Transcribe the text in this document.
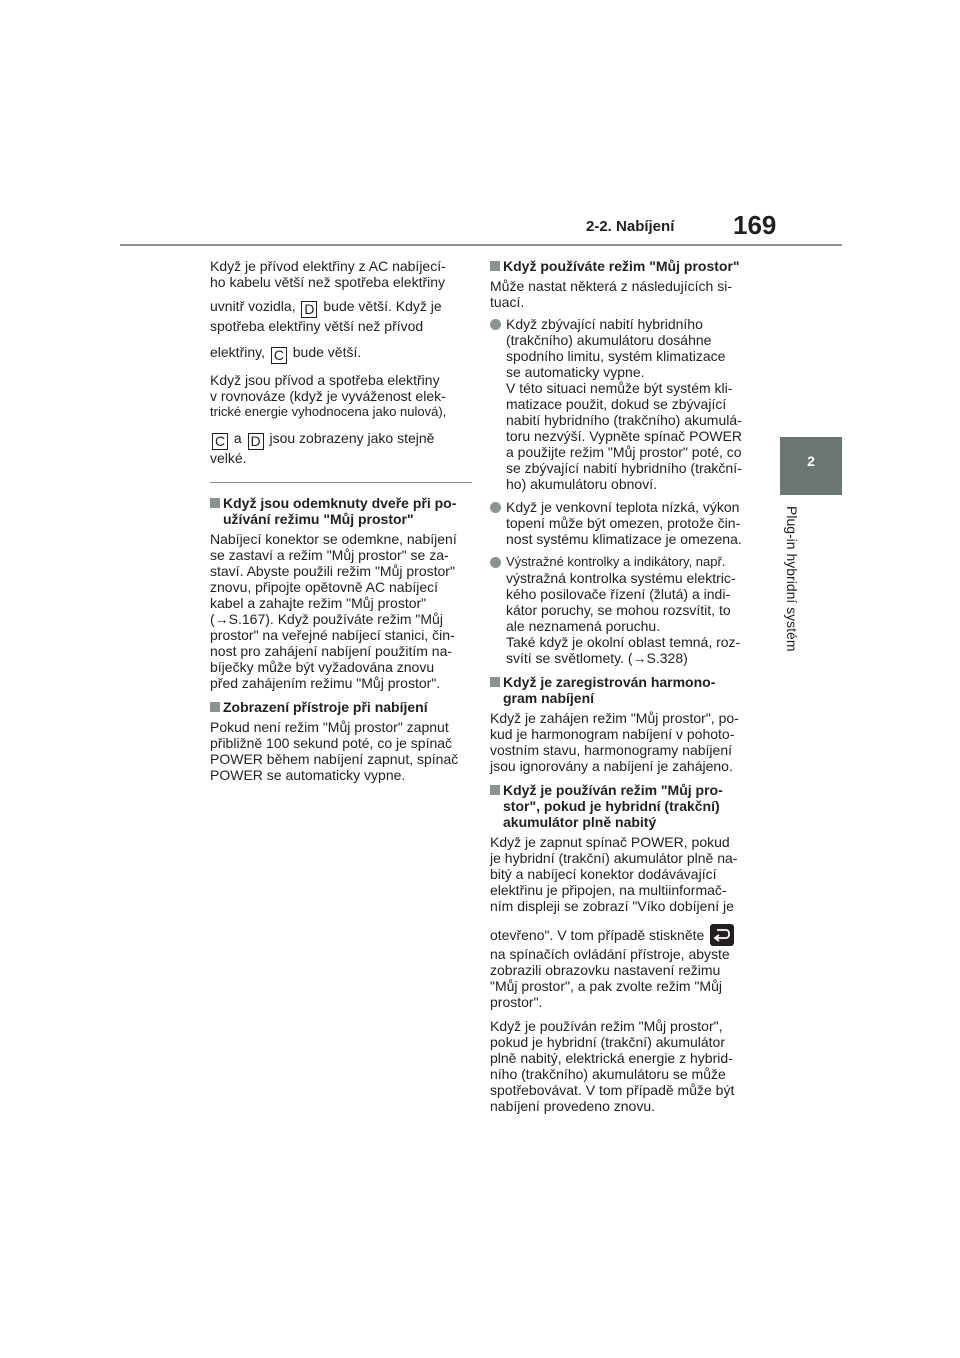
2-2. Nabíjení 169
2
Plug-in hybridní systém
Když je přívod elektřiny z AC nabíjecí-
ho kabelu větší než spotřeba elektřiny
uvnitř vozidla, D bude větší. Když je
spotřeba elektřiny větší než přívod
elektřiny, C bude větší.
Když jsou přívod a spotřeba elektřiny
v rovnováze (když je vyváženost elek-
trické energie vyhodnocena jako nulová),
C a D jsou zobrazeny jako stejně
velké.
Když jsou odemknuty dveře při po-
užívání režimu "Můj prostor"
Nabíjecí konektor se odemkne, nabíjení
se zastaví a režim "Můj prostor" se za-
staví. Abyste použili režim "Můj prostor"
znovu, připojte opětovně AC nabíjecí
kabel a zahajte režim "Můj prostor"
(→S.167). Když používáte režim "Můj
prostor" na veřejné nabíjecí stanici, čin-
nost pro zahájení nabíjení použitím na-
bíječky může být vyžadována znovu
před zahájením režimu "Můj prostor".
Zobrazení přístroje při nabíjení
Pokud není režim "Můj prostor" zapnut
přibližně 100 sekund poté, co je spínač
POWER během nabíjení zapnut, spínač
POWER se automaticky vypne.
Když používáte režim "Můj prostor"
Může nastat některá z následujících si-
tuací.
Když zbývající nabití hybridního
(trakčního) akumulátoru dosáhne
spodního limitu, systém klimatizace
se automaticky vypne.
V této situaci nemůže být systém kli-
matizace použit, dokud se zbývající
nabití hybridního (trakčního) akumulá-
toru nezvýší. Vypněte spínač POWER
a použijte režim "Můj prostor" poté, co
se zbývající nabití hybridního (trakční-
ho) akumulátoru obnoví.
Když je venkovní teplota nízká, výkon
topení může být omezen, protože čin-
nost systému klimatizace je omezena.
Výstražné kontrolky a indikátory, např.
výstražná kontrolka systému elektric-
kého posilovače řízení (žlutá) a indi-
kátor poruchy, se mohou rozsvítit, to
ale neznamená poruchu.
Také když je okolní oblast temná, roz-
svítí se světlomety. (→S.328)
Když je zaregistrován harmono-
gram nabíjení
Když je zahájen režim "Můj prostor", po-
kud je harmonogram nabíjení v pohoto-
vostním stavu, harmonogramy nabíjení
jsou ignorovány a nabíjení je zahájeno.
Když je používán režim "Můj pro-
stor", pokud je hybridní (trakční)
akumulátor plně nabitý
Když je zapnut spínač POWER, pokud
je hybridní (trakční) akumulátor plně na-
bitý a nabíjecí konektor dodávávající
elektřinu je připojen, na multiinformač-
ním displeji se zobrazí "Víko dobíjení je
otevřeno". V tom případě stiskněte
na spínačích ovládání přístroje, abyste
zobrazili obrazovku nastavení režimu
"Můj prostor", a pak zvolte režim "Můj
prostor".
Když je používán režim "Můj prostor",
pokud je hybridní (trakční) akumulátor
plně nabitý, elektrická energie z hybrid-
ního (trakčního) akumulátoru se může
spotřebovávat. V tom případě může být
nabíjení provedeno znovu.
